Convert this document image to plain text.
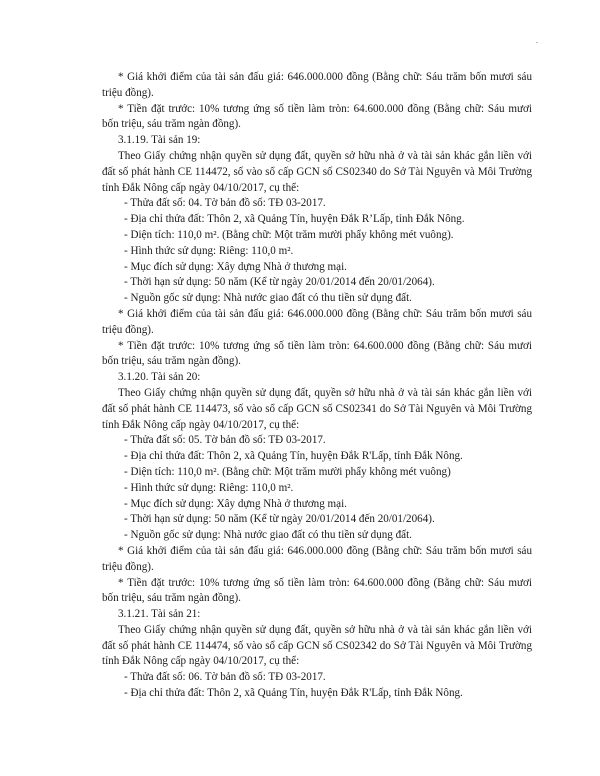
-

* Giá khởi điểm của tài sản đấu giá: 646.000.000 đồng (Bằng chữ: Sáu trăm bốn mươi sáu triệu đồng).

* Tiền đặt trước: 10% tương ứng số tiền làm tròn: 64.600.000 đồng (Bằng chữ: Sáu mươi bốn triệu, sáu trăm ngàn đồng).

3.1.19. Tài sản 19:

Theo Giấy chứng nhận quyền sử dụng đất, quyền sở hữu nhà ở và tài sản khác gắn liền với đất số phát hành CE 114472, số vào sổ cấp GCN số CS02340 do Sở Tài Nguyên và Môi Trường tỉnh Đắk Nông cấp ngày 04/10/2017, cụ thể:

- Thửa đất số: 04. Tờ bản đồ số: TĐ 03-2017.

- Địa chỉ thửa đất: Thôn 2, xã Quảng Tín, huyện Đắk R’Lấp, tỉnh Đắk Nông.

- Diện tích: 110,0 m². (Bằng chữ: Một trăm mười phẩy không mét vuông).

- Hình thức sử dụng: Riêng: 110,0 m².

- Mục đích sử dụng: Xây dựng Nhà ở thương mại.

- Thời hạn sử dụng: 50 năm (Kể từ ngày 20/01/2014 đến 20/01/2064).

- Nguồn gốc sử dụng: Nhà nước giao đất có thu tiền sử dụng đất.

* Giá khởi điểm của tài sản đấu giá: 646.000.000 đồng (Bằng chữ: Sáu trăm bốn mươi sáu triệu đồng).

* Tiền đặt trước: 10% tương ứng số tiền làm tròn: 64.600.000 đồng (Bằng chữ: Sáu mươi bốn triệu, sáu trăm ngàn đồng).

3.1.20. Tài sản 20:

Theo Giấy chứng nhận quyền sử dụng đất, quyền sở hữu nhà ở và tài sản khác gắn liền với đất số phát hành CE 114473, số vào sổ cấp GCN số CS02341 do Sở Tài Nguyên và Môi Trường tỉnh Đắk Nông cấp ngày 04/10/2017, cụ thể:

- Thửa đất số: 05. Tờ bản đồ số: TĐ 03-2017.

- Địa chỉ thửa đất: Thôn 2, xã Quảng Tín, huyện Đắk R'Lấp, tỉnh Đắk Nông.

- Diện tích: 110,0 m². (Bằng chữ: Một trăm mười phẩy không mét vuông)

- Hình thức sử dụng: Riêng: 110,0 m².

- Mục đích sử dụng: Xây dựng Nhà ở thương mại.

- Thời hạn sử dụng: 50 năm (Kể từ ngày 20/01/2014 đến 20/01/2064).

- Nguồn gốc sử dụng: Nhà nước giao đất có thu tiền sử dụng đất.

* Giá khởi điểm của tài sản đấu giá: 646.000.000 đồng (Bằng chữ: Sáu trăm bốn mươi sáu triệu đồng).

* Tiền đặt trước: 10% tương ứng số tiền làm tròn: 64.600.000 đồng (Bằng chữ: Sáu mươi bốn triệu, sáu trăm ngàn đồng).

3.1.21. Tài sản 21:

Theo Giấy chứng nhận quyền sử dụng đất, quyền sở hữu nhà ở và tài sản khác gắn liền với đất số phát hành CE 114474, số vào sổ cấp GCN số CS02342 do Sở Tài Nguyên và Môi Trường tỉnh Đắk Nông cấp ngày 04/10/2017, cụ thể:

- Thửa đất số: 06. Tờ bản đồ số: TĐ 03-2017.

- Địa chỉ thửa đất: Thôn 2, xã Quảng Tín, huyện Đắk R'Lấp, tỉnh Đắk Nông.
